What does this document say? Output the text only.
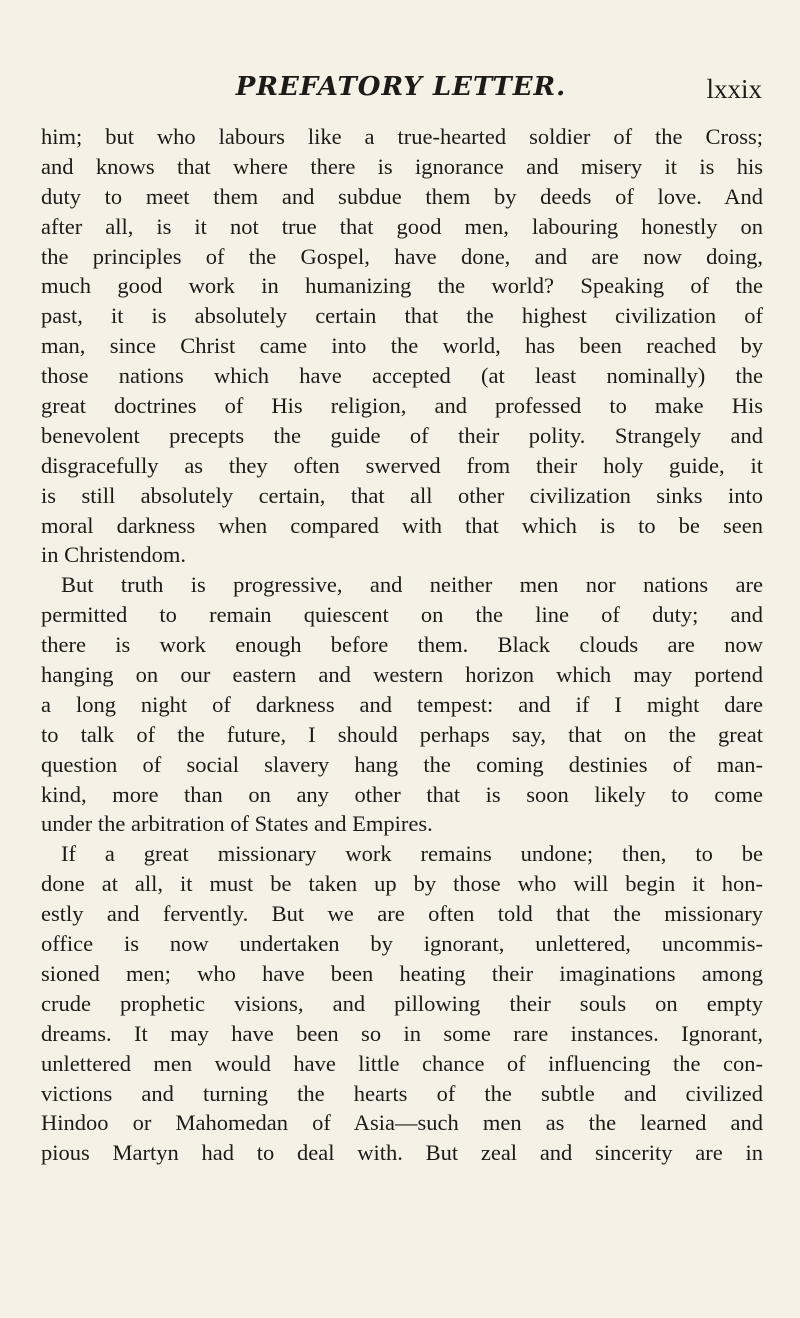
PREFATORY LETTER.	lxxix
him; but who labours like a true-hearted soldier of the Cross;
and knows that where there is ignorance and misery it is his
duty to meet them and subdue them by deeds of love. And
after all, is it not true that good men, labouring honestly on
the principles of the Gospel, have done, and are now doing,
much good work in humanizing the world? Speaking of the
past, it is absolutely certain that the highest civilization of
man, since Christ came into the world, has been reached by
those nations which have accepted (at least nominally) the
great doctrines of His religion, and professed to make His
benevolent precepts the guide of their polity. Strangely and
disgracefully as they often swerved from their holy guide, it
is still absolutely certain, that all other civilization sinks into
moral darkness when compared with that which is to be seen
in Christendom.
But truth is progressive, and neither men nor nations are
permitted to remain quiescent on the line of duty; and
there is work enough before them. Black clouds are now
hanging on our eastern and western horizon which may portend
a long night of darkness and tempest: and if I might dare
to talk of the future, I should perhaps say, that on the great
question of social slavery hang the coming destinies of man-
kind, more than on any other that is soon likely to come
under the arbitration of States and Empires.
If a great missionary work remains undone; then, to be
done at all, it must be taken up by those who will begin it hon-
estly and fervently. But we are often told that the missionary
office is now undertaken by ignorant, unlettered, uncommis-
sioned men; who have been heating their imaginations among
crude prophetic visions, and pillowing their souls on empty
dreams. It may have been so in some rare instances. Ignorant,
unlettered men would have little chance of influencing the con-
victions and turning the hearts of the subtle and civilized
Hindoo or Mahomedan of Asia—such men as the learned and
pious Martyn had to deal with. But zeal and sincerity are in
